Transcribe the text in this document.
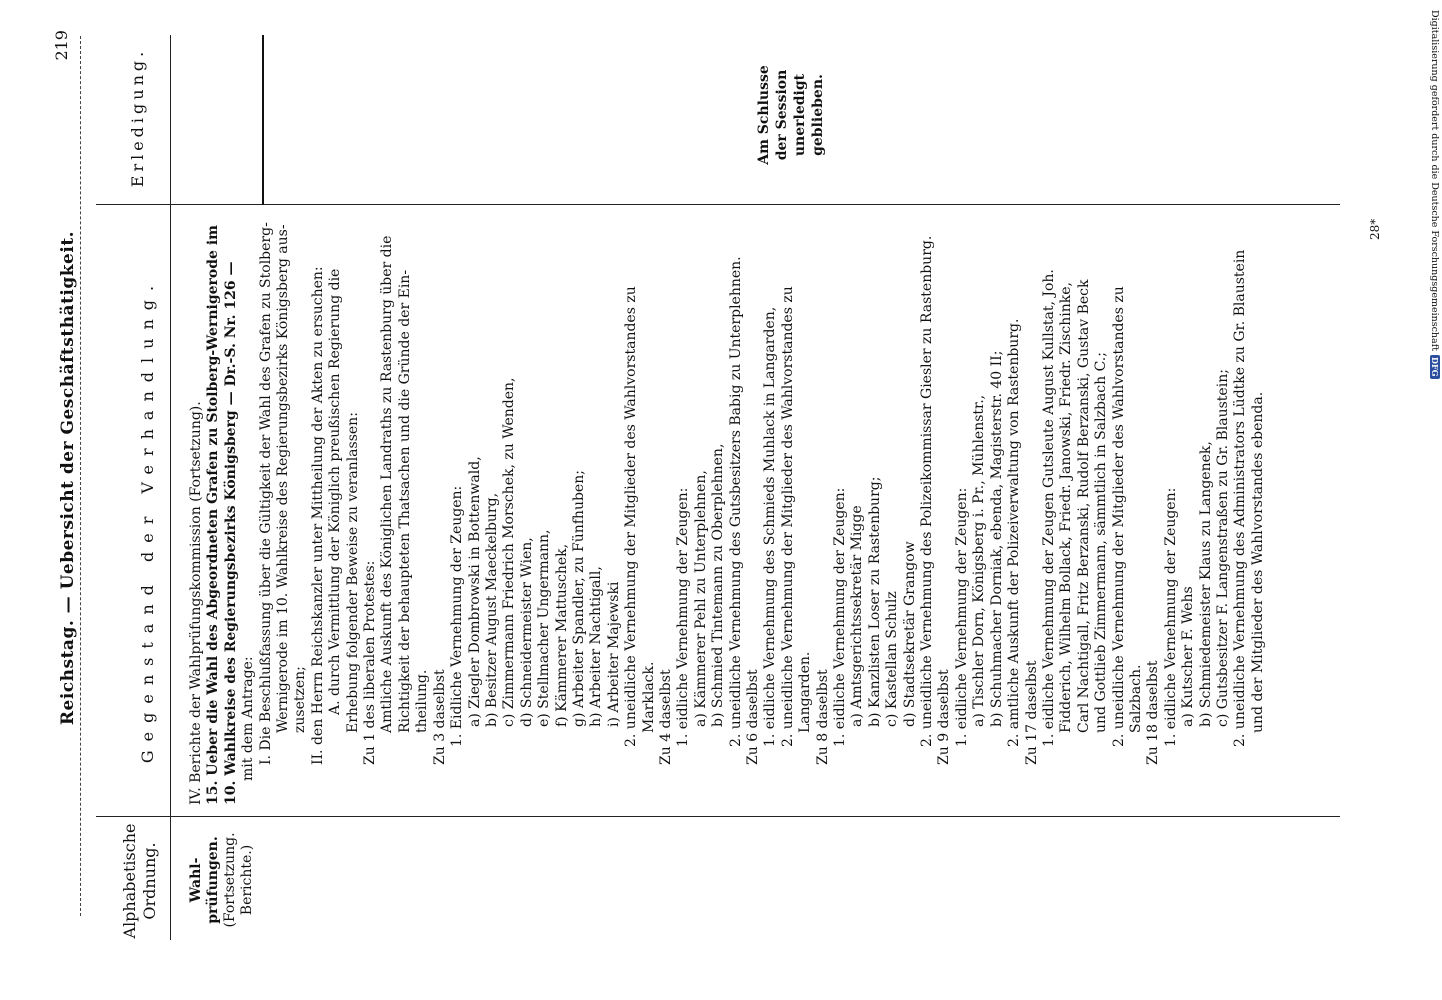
Reichstag. — Uebersicht der Geschäftsthätigkeit.
219
Alphabetische Ordnung.
Gegenstand der Verhandlung.
Erledigung.
Wahl- prüfungen. (Fortsetzung. Berichte.)
IV. Berichte der Wahlprüfungskommission (Fortsetzung). 15. Ueber die Wahl des Abgeordneten Grafen zu Stolberg-Wernigerode im 10. Wahlkreise des Regierungsbezirks Königsberg — Dr.-S. Nr. 126 — mit dem Antrage: I. Die Beschlußfassung über die Gültigkeit der Wahl des Grafen zu Stolberg- Wernigerode im 10. Wahlkreise des Regierungsbezirks Königsberg aus- zusetzen; II. den Herrn Reichskanzler unter Mittheilung der Akten zu ersuchen: A. durch Vermittlung der Königlich preußischen Regierung die Erhebung folgender Beweise zu veranlassen: Zu 1 des liberalen Protestes: Amtliche Auskunft des Königlichen Landraths zu Rastenburg über die Richtigkeit der behaupteten Thatsachen und die Gründe der Ein- theilung. Zu 3 daselbst 1. Eidliche Vernehmung der Zeugen: a) Ziegler Dombrowski in Bottenwald, b) Besitzer August Maeckelburg, c) Zimmermann Friedrich Morschek, zu Wenden, d) Schneidermeister Wien, e) Stellmacher Ungermann, f) Kämmerer Mattuschek, g) Arbeiter Spandler, zu Fünfhuben; h) Arbeiter Nachtigall, i) Arbeiter Majewski 2. uneidliche Vernehmung der Mitglieder des Wahlvorstandes zu Marklack. Zu 4 daselbst 1. eidliche Vernehmung der Zeugen: a) Kämmerer Pehl zu Unterplehnen, b) Schmied Tintemann zu Oberplehnen, 2. uneidliche Vernehmung des Gutsbesitzers Babig zu Unterplehnen. Zu 6 daselbst 1. eidliche Vernehmung des Schmieds Muhlack in Langarden, 2. uneidliche Vernehmung der Mitglieder des Wahlvorstandes zu Langarden. Zu 8 daselbst 1. eidliche Vernehmung der Zeugen: a) Amtsgerichtssekretär Migge b) Kanzlisten Loser zu Rastenburg; c) Kastellan Schulz d) Stadtsekretär Grangow 2. uneidliche Vernehmung des Polizeikommissar Giesler zu Rastenburg. Zu 9 daselbst 1. eidliche Vernehmung der Zeugen: a) Tischler Dorn, Königsberg i. Pr., Mühlenstr., b) Schuhmacher Dorniak, ebenda, Magisterstr. 40 II; 2. amtliche Auskunft der Polizeiverwaltung von Rastenburg. Zu 17 daselbst 1. eidliche Vernehmung der Zeugen Gutsleute August Kullstat, Joh. Fidderich, Wilhelm Bollack, Friedr. Janowski, Friedr. Zischinke, Carl Nachtigall, Fritz Berzanski, Rudolf Berzanski, Gustav Beck und Gottlieb Zimmermann, sämmtlich in Salzbach C.; 2. uneidliche Vernehmung der Mitglieder des Wahlvorstandes zu Salzbach. Zu 18 daselbst 1. eidliche Vernehmung der Zeugen: a) Kutscher F. Wehs b) Schmiedemeister Klaus zu Langenek, c) Gutsbesitzer F. Langenstraßen zu Gr. Blaustein; 2. uneidliche Vernehmung des Administrators Lüdtke zu Gr. Blaustein und der Mitglieder des Wahlvorstandes ebenda.
Am Schlusse der Session unerledigt geblieben.
28*	Digitalisierung gefördert durch die Deutsche ForschungsgemeinschaftDFG
